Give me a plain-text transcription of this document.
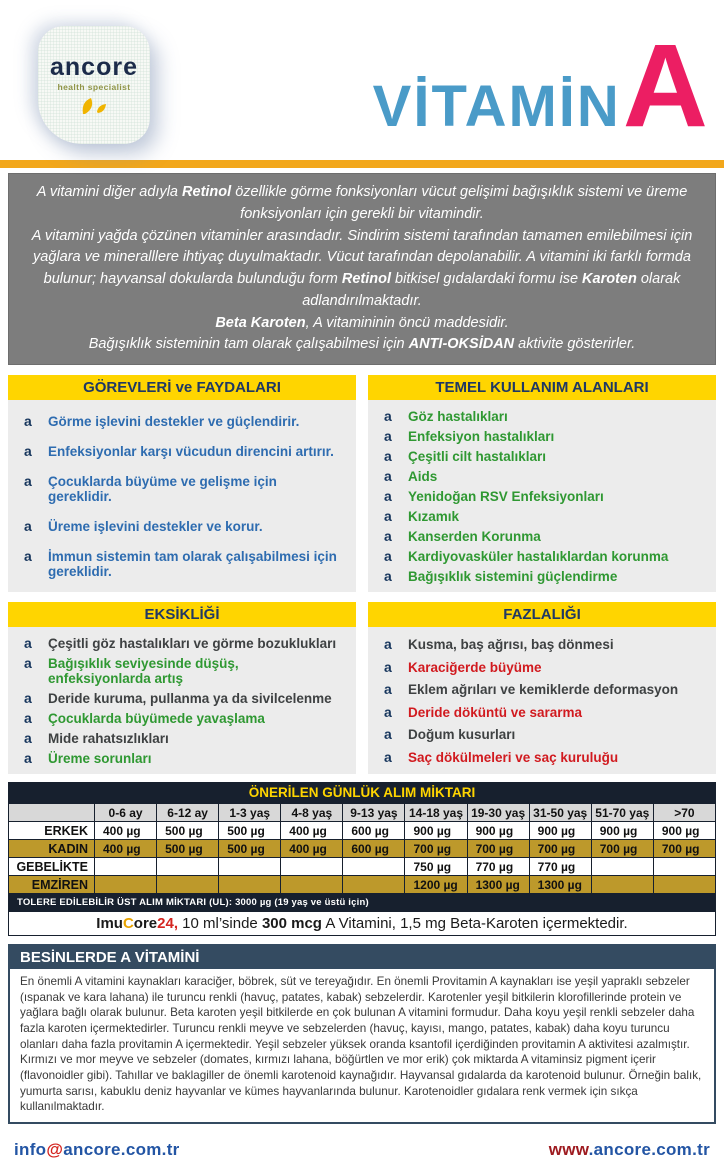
ancore
health specialist	VİTAMİNA

A vitamini diğer adıyla Retinol özellikle görme fonksiyonları vücut gelişimi bağışıklık sistemi ve üreme fonksiyonları için gerekli bir vitamindir.

A vitamini yağda çözünen vitaminler arasındadır. Sindirim sistemi tarafından tamamen emilebilmesi için yağlara ve mineralllere ihtiyaç duyulmaktadır. Vücut tarafından depolanabilir. A vitamini iki farklı formda bulunur; hayvansal dokularda bulunduğu form Retinol bitkisel gıdalardaki formu ise Karoten olarak adlandırılmaktadır.

Beta Karoten, A vitamininin öncü maddesidir.

Bağışıklık sisteminin tam olarak çalışabilmesi için ANTI-OKSİDAN aktivite gösterirler.

GÖREVLERİ ve FAYDALARI
a Görme işlevini destekler ve güçlendirir.
a Enfeksiyonlar karşı vücudun direncini artırır.
a Çocuklarda büyüme ve gelişme için gereklidir.
a Üreme işlevini destekler ve korur.
a İmmun sistemin tam olarak çalışabilmesi için gereklidir.
TEMEL KULLANIM ALANLARI
a Göz hastalıkları
a Enfeksiyon hastalıkları
a Çeşitli cilt hastalıkları
a Aids
a Yenidoğan RSV Enfeksiyonları
a Kızamık
a Kanserden Korunma
a Kardiyovasküler hastalıklardan korunma
a Bağışıklık sistemini güçlendirme
EKSİKLİĞİ
a Çeşitli göz hastalıkları ve görme bozuklukları
a Bağışıklık seviyesinde düşüş, enfeksiyonlarda artış
a Deride kuruma, pullanma ya da sivilcelenme
a Çocuklarda büyümede yavaşlama
a Mide rahatsızlıkları
a Üreme sorunları
FAZLALIĞI
a Kusma, baş ağrısı, baş dönmesi
a Karaciğerde büyüme
a Eklem ağrıları ve kemiklerde deformasyon
a Deride döküntü ve sararma
a Doğum kusurları
a Saç dökülmeleri ve saç kuruluğu
ÖNERİLEN GÜNLÜK ALIM MİKTARI
	0-6 ay	6-12 ay	1-3 yaş	4-8 yaş	9-13 yaş	14-18 yaş	19-30 yaş	31-50 yaş	51-70 yaş	>70
ERKEK	400 µg	500 µg	500 µg	400 µg	600 µg	900 µg	900 µg	900 µg	900 µg	900 µg
KADIN	400 µg	500 µg	500 µg	400 µg	600 µg	700 µg	700 µg	700 µg	700 µg	700 µg
GEBELİKTE						750 µg	770 µg	770 µg		
EMZİREN						1200 µg	1300 µg	1300 µg		
TOLERE EDİLEBİLİR ÜST ALIM MİKTARI (UL): 3000 µg (19 yaş ve üstü için)
ImuCore24, 10 ml’sinde 300 mcg A Vitamini, 1,5 mg Beta-Karoten içermektedir.
BESİNLERDE A VİTAMİNİ
En önemli A vitamini kaynakları karaciğer, böbrek, süt ve tereyağıdır. En önemli Provitamin A kaynakları ise yeşil yapraklı sebzeler (ıspanak ve kara lahana) ile turuncu renkli (havuç, patates, kabak) sebzelerdir. Karotenler yeşil bitkilerin klorofillerinde protein ve yağlara bağlı olarak bulunur. Beta karoten yeşil bitkilerde en çok bulunan A vitamini formudur. Daha koyu yeşil renkli sebzeler daha fazla karoten içermektedirler. Turuncu renkli meyve ve sebzelerden (havuç, kayısı, mango, patates, kabak) daha koyu turuncu olanları daha fazla provitamin A içermektedir. Yeşil sebzeler yüksek oranda ksantofil içerdiğinden provitamin A aktivitesi azalmıştır. Kırmızı ve mor meyve ve sebzeler (domates, kırmızı lahana, böğürtlen ve mor erik) çok miktarda A vitaminsiz pigment içerir (flavonoidler gibi). Tahıllar ve baklagiller de önemli karotenoid kaynağıdır. Hayvansal gıdalarda da karotenoid bulunur. Örneğin balık, yumurta sarısı, kabuklu deniz hayvanlar ve kümes hayvanlarında bulunur. Karotenoidler gıdalara renk vermek için sıkça kullanılmaktadır.
info@ancore.com.tr	www.ancore.com.tr
